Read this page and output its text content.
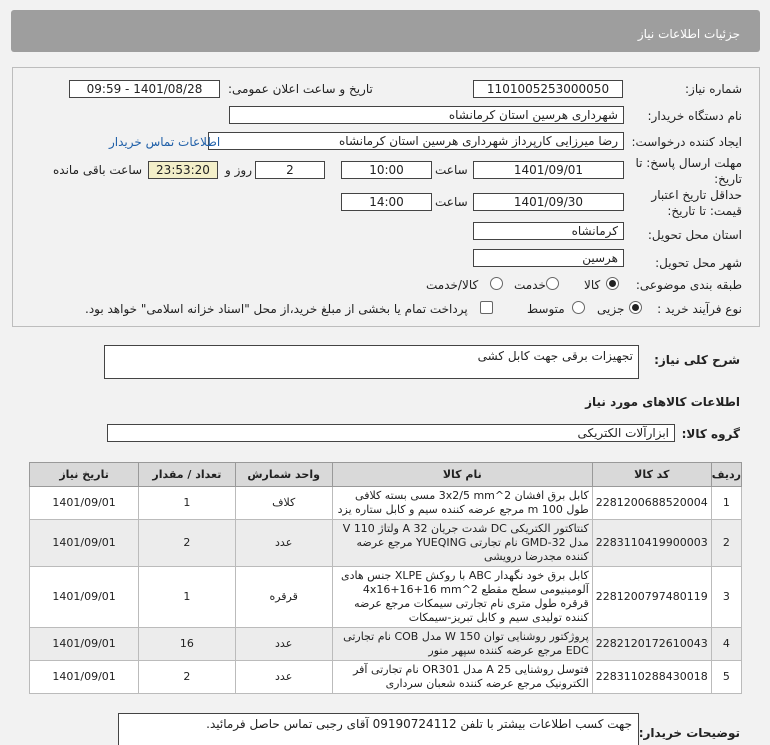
جزئیات اطلاعات نیاز
شماره نیاز:
1101005253000050
تاریخ و ساعت اعلان عمومی:
1401/08/28 - 09:59
نام دستگاه خریدار:
شهرداری هرسین استان کرمانشاه
ایجاد کننده درخواست:
رضا میرزایی کارپرداز شهرداری هرسین استان کرمانشاه
اطلاعات تماس خریدار
مهلت ارسال پاسخ: تا
تاریخ:
1401/09/01
ساعت
10:00
2
روز و
23:53:20
ساعت باقی مانده
حداقل تاریخ اعتبار
قیمت: تا تاریخ:
1401/09/30
ساعت
14:00
استان محل تحویل:
کرمانشاه
شهر محل تحویل:
هرسین
طبقه بندی موضوعی:
کالا
خدمت
کالا/خدمت
نوع فرآیند خرید :
جزیی
متوسط
پرداخت تمام یا بخشی از مبلغ خرید،از محل "اسناد خزانه اسلامی" خواهد بود.
شرح کلی نیاز:
تجهیزات برقی جهت کابل کشی
اطلاعات کالاهای مورد نیاز
گروه کالا:
ابزارآلات الکتریکی
ردیف	کد کالا	نام کالا	واحد شمارش	تعداد / مقدار	تاریخ نیاز
1	2281200688520004	کابل برق افشان 3x2/5 mm^2 مسی بسته کلافی طول 100 m مرجع عرضه کننده سیم و کابل ستاره یزد	کلاف	1	1401/09/01
2	2283110419900003	کنتاکتور الکتریکی DC شدت جریان 32 A ولتاژ 110 V مدل GMD-32 نام تجارتی YUEQING مرجع عرضه کننده مجدرضا درویشی	عدد	2	1401/09/01
3	2281200797480119	کابل برق خود نگهدار ABC با روکش XLPE جنس هادی آلومینیومی سطح مقطع 4x16+16+16 mm^2 قرقره طول متری نام تجارتی سیمکات مرجع عرضه کننده تولیدی سیم و کابل تبریز-سیمکات	قرقره	1	1401/09/01
4	2282120172610043	پروژکتور روشنایی توان 150 W مدل COB نام تجارتی EDC مرجع عرضه کننده سپهر منور	عدد	16	1401/09/01
5	2283110288430018	فتوسل روشنایی 25 A مدل OR301 نام تجارتی آفر الکترونیک مرجع عرضه کننده شعبان سرداری	عدد	2	1401/09/01
توضیحات خریدار:
جهت کسب اطلاعات بیشتر با تلفن 09190724112 آقای رجبی تماس حاصل فرمائید.
